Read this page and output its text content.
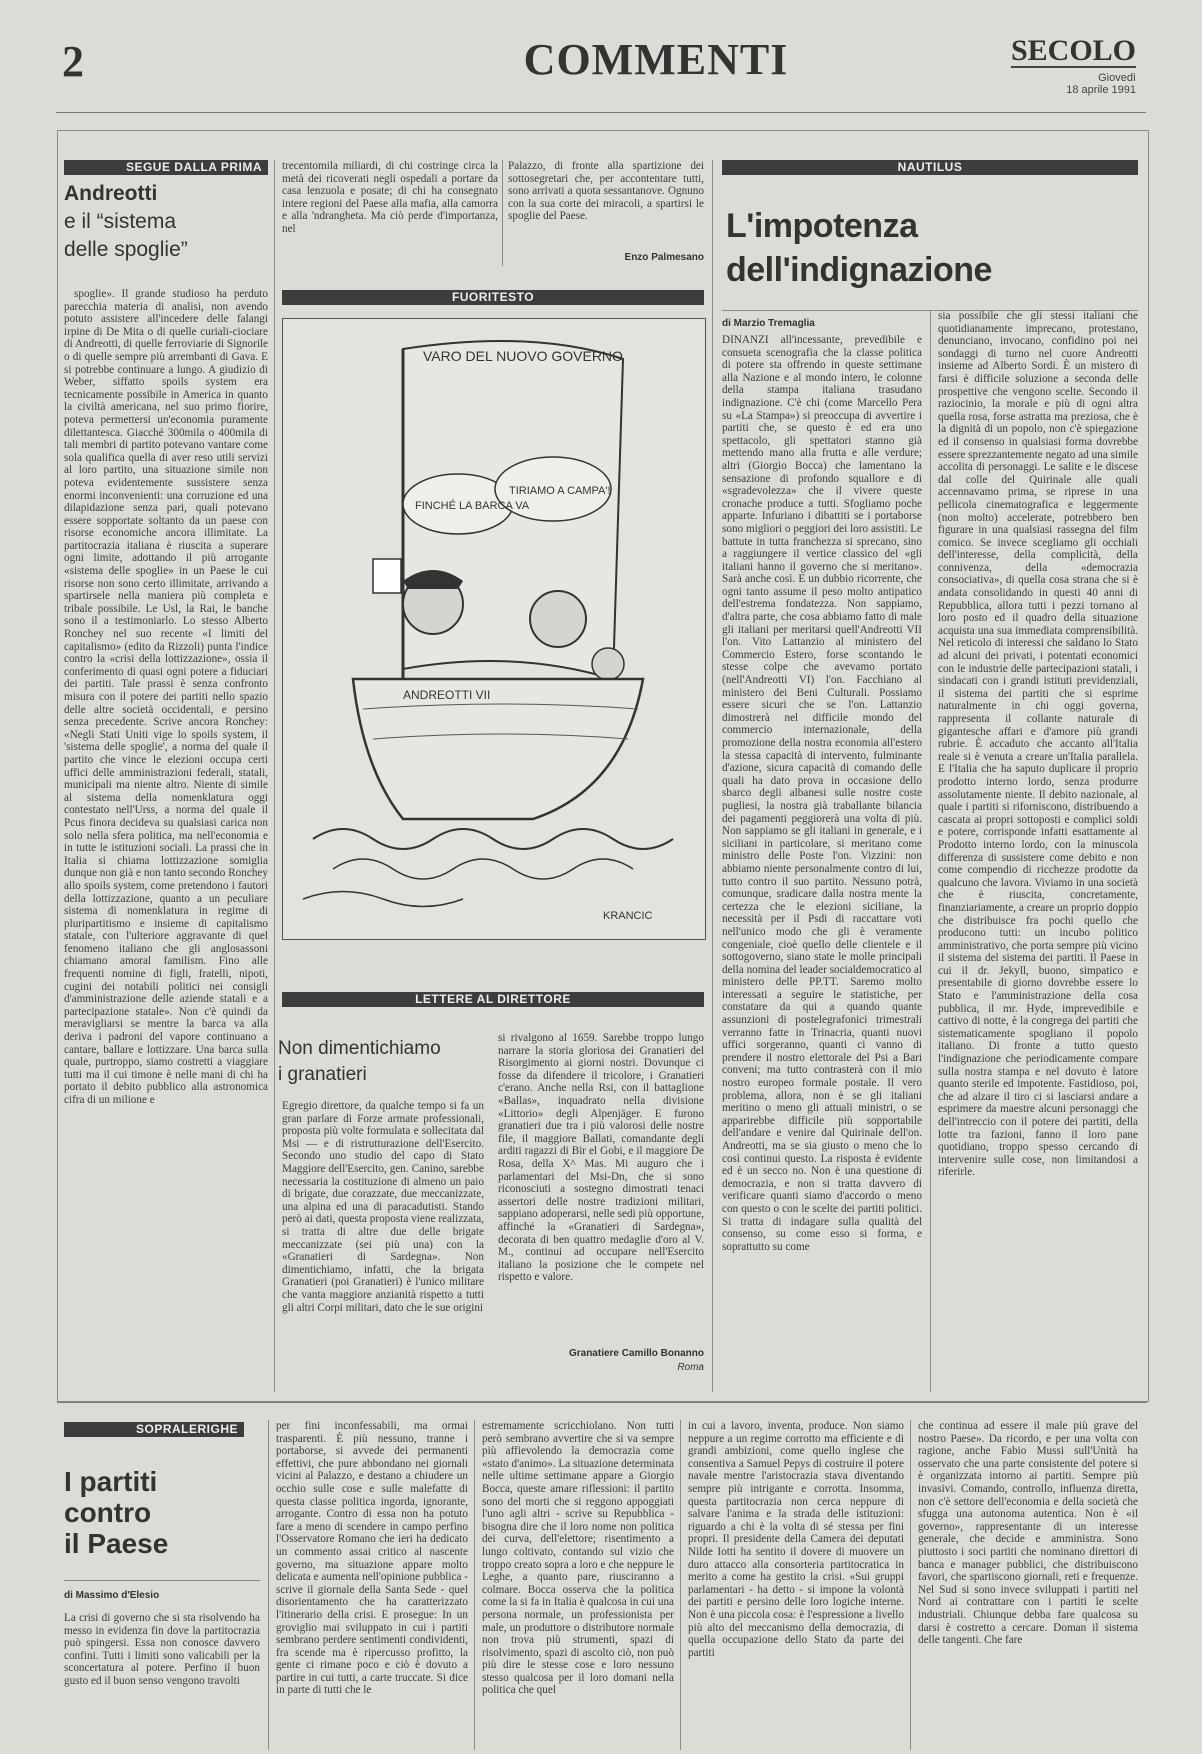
2	COMMENTI	SECOLO
Giovedì
18 aprile 1991
SEGUE DALLA PRIMA
Andreotti
e il “sistema
delle spoglie”

spoglie». Il grande studioso ha perduto parecchia materia di analisi, non avendo potuto assistere all'incedere delle falangi irpine di De Mita o di quelle curiali-ciociare di Andreotti, di quelle ferroviarie di Signorile o di quelle sempre più arrembanti di Gava. E si potrebbe continuare a lungo. A giudizio di Weber, siffatto spoils system era tecnicamente possibile in America in quanto la civiltà americana, nel suo primo fiorire, poteva permettersi un'economia puramente dilettantesca. Giacché 300mila o 400mila di tali membri di partito potevano vantare come sola qualifica quella di aver reso utili servizi al loro partito, una situazione simile non poteva evidentemente sussistere senza enormi inconvenienti: una corruzione ed una dilapidazione senza pari, quali potevano essere sopportate soltanto da un paese con risorse economiche ancora illimitate. La partitocrazia italiana è riuscita a superare ogni limite, adottando il più arrogante «sistema delle spoglie» in un Paese le cui risorse non sono certo illimitate, arrivando a spartirsele nella maniera più completa e tribale possibile. Le Usl, la Rai, le banche sono il a testimoniarlo. Lo stesso Alberto Ronchey nel suo recente «I limiti del capitalismo» (edito da Rizzoli) punta l'indice contro la «crisi della lottizzazione», ossia il conferimento di quasi ogni potere a fiduciari dei partiti. Tale prassi è senza confronto misura con il potere dei partiti nello spazio delle altre società occidentali, e persino senza precedente. Scrive ancora Ronchey: «Negli Stati Uniti vige lo spoils system, il 'sistema delle spoglie', a norma del quale il partito che vince le elezioni occupa certi uffici delle amministrazioni federali, statali, municipali ma niente altro. Niente di simile al sistema della nomenklatura oggi contestato nell'Urss, a norma del quale il Pcus finora decideva su qualsiasi carica non solo nella sfera politica, ma nell'economia e in tutte le istituzioni sociali. La prassi che in Italia si chiama lottizzazione somiglia dunque non già e non tanto secondo Ronchey allo spoils system, come pretendono i fautori della lottizzazione, quanto a un peculiare sistema di nomenklatura in regime di pluripartitismo e insieme di capitalismo statale, con l'ulteriore aggravante di quel fenomeno italiano che gli anglosassoni chiamano amoral familism. Fino alle frequenti nomine di figli, fratelli, nipoti, cugini dei notabili politici nei consigli d'amministrazione delle aziende statali e a partecipazione statale». Non c'è quindi da meravigliarsi se mentre la barca va alla deriva i padroni del vapore continuano a cantare, ballare e lottizzare. Una barca sulla quale, purtroppo, siamo costretti a viaggiare tutti ma il cui timone è nelle mani di chi ha portato il debito pubblico alla astronomica cifra di un milione e

trecentomila miliardi, di chi costringe circa la metà dei ricoverati negli ospedali a portare da casa lenzuola e posate; di chi ha consegnato intere regioni del Paese alla mafia, alla camorra e alla 'ndrangheta. Ma ciò perde d'importanza, nel

Palazzo, di fronte alla spartizione dei sottosegretari che, per accontentare tutti, sono arrivati a quota sessantanove. Ognuno con la sua corte dei miracoli, a spartirsi le spoglie del Paese.

Enzo Palmesano
FUORITESTO
VARO DEL NUOVO GOVERNO
FINCHÉ LA BARCA VA
TIRIAMO A CAMPA'!
ANDREOTTI VII
KRANCIC
LETTERE AL DIRETTORE
Non dimentichiamo
i granatieri

Egregio direttore, da qualche tempo si fa un gran parlare di Forze armate professionali, proposta più volte formulata e sollecitata dal Msi — e di ristrutturazione dell'Esercito. Secondo uno studio del capo di Stato Maggiore dell'Esercito, gen. Canino, sarebbe necessaria la costituzione di almeno un paio di brigate, due corazzate, due meccanizzate, una alpina ed una di paracadutisti. Stando però ai dati, questa proposta viene realizzata, si tratta di altre due delle brigate meccanizzate (sei più una) con la «Granatieri di Sardegna». Non dimentichiamo, infatti, che la brigata Granatieri (poi Granatieri) è l'unico militare che vanta maggiore anzianità rispetto a tutti gli altri Corpi militari, dato che le sue origini

si rivalgono al 1659. Sarebbe troppo lungo narrare la storia gloriosa dei Granatieri del Risorgimento ai giorni nostri. Dovunque ci fosse da difendere il tricolore, i Granatieri c'erano. Anche nella Rsi, con il battaglione «Ballas», inquadrato nella divisione «Littorio» degli Alpenjäger. E furono granatieri due tra i più valorosi delle nostre file, il maggiore Ballati, comandante degli arditi ragazzi di Bir el Gobi, e il maggiore De Rosa, della X^ Mas. Mi auguro che i parlamentari del Msi-Dn, che si sono riconosciuti a sostegno dimostrati tenaci assertori delle nostre tradizioni militari, sappiano adoperarsi, nelle sedi più opportune, affinché la «Granatieri di Sardegna», decorata di ben quattro medaglie d'oro al V. M., continui ad occupare nell'Esercito italiano la posizione che le compete nel rispetto e valore.

Granatiere Camillo Bonanno
Roma
NAUTILUS
L'impotenza
dell'indignazione
di Marzio Tremaglia

DINANZI all'incessante, prevedibile e consueta scenografia che la classe politica di potere sta offrendo in queste settimane alla Nazione e al mondo intero, le colonne della stampa italiana trasudano indignazione. C'è chi (come Marcello Pera su «La Stampa») si preoccupa di avvertire i partiti che, se questo è ed era uno spettacolo, gli spettatori stanno già mettendo mano alla frutta e alle verdure; altri (Giorgio Bocca) che lamentano la sensazione di profondo squallore e di «sgradevolezza» che il vivere queste cronache produce a tutti. Sfogliamo poche apparte. Infuriano i dibattiti se i portaborse sono migliori o peggiori dei loro assistiti. Le battute in tutta franchezza si sprecano, sino a raggiungere il vertice classico del «gli italiani hanno il governo che si meritano». Sarà anche così. E un dubbio ricorrente, che ogni tanto assume il peso molto antipatico dell'estrema fondatezza. Non sappiamo, d'altra parte, che cosa abbiamo fatto di male gli italiani per meritarsi quell'Andreotti VII l'on. Vito Lattanzio al ministero del Commercio Estero, forse scontando le stesse colpe che avevamo portato (nell'Andreotti VI) l'on. Facchiano al ministero dei Beni Culturali. Possiamo essere sicuri che se l'on. Lattanzio dimostrerà nel difficile mondo del commercio internazionale, della promozione della nostra economia all'estero la stessa capacità di intervento, fulminante d'azione, sicura capacità di comando delle quali ha dato prova in occasione dello sbarco degli albanesi sulle nostre coste pugliesi, la nostra già traballante bilancia dei pagamenti peggiorerà una volta di più. Non sappiamo se gli italiani in generale, e i siciliani in particolare, si meritano come ministro delle Poste l'on. Vizzini: non abbiamo niente personalmente contro di lui, tutto contro il suo partito. Nessuno potrà, comunque, sradicare dalla nostra mente la certezza che le elezioni siciliane, la necessità per il Psdi di raccattare voti nell'unico modo che gli è veramente congeniale, cioè quello delle clientele e il sottogoverno, siano state le molle principali della nomina del leader socialdemocratico al ministero delle PP.TT. Saremo molto interessati a seguire le statistiche, per constatare da qui a quando quante assunzioni di postelegrafonici trimestrali verranno fatte in Trinacria, quanti nuovi uffici sorgeranno, quanti ci vanno di prendere il nostro elettorale del Psi a Bari conveni; ma tutto contrasterà con il mio nostro europeo formale postale. Il vero problema, allora, non è se gli italiani meritino o meno gli attuali ministri, o se apparirebbe difficile più sopportabile dell'andare e venire dal Quirinale dell'on. Andreotti, ma se sia giusto o meno che lo così continui questo. La risposta è evidente ed è un secco no. Non è una questione di democrazia, e non si tratta davvero di verificare quanti siamo d'accordo o meno con questo o con le scelte dei partiti politici. Si tratta di indagare sulla qualità del consenso, su come esso si forma, e soprattutto su come

sia possibile che gli stessi italiani che quotidianamente imprecano, protestano, denunciano, invocano, confidino poi nei sondaggi di turno nel cuore Andreotti insieme ad Alberto Sordi. È un mistero di farsi è difficile soluzione a seconda delle prospettive che vengono scelte. Secondo il raziocinio, la morale e più di ogni altra quella rosa, forse astratta ma preziosa, che è la dignità di un popolo, non c'è spiegazione ed il consenso in qualsiasi forma dovrebbe essere sprezzantemente negato ad una simile accolita di personaggi. Le salite e le discese dal colle del Quirinale alle quali accennavamo prima, se riprese in una pellicola cinematografica e leggermente (non molto) accelerate, potrebbero ben figurare in una qualsiasi rassegna del film comico. Se invece scegliamo gli occhiali dell'interesse, della complicità, della connivenza, della «democrazia consociativa», di quella cosa strana che si è andata consolidando in questi 40 anni di Repubblica, allora tutti i pezzi tornano al loro posto ed il quadro della situazione acquista una sua immediata comprensibilità. Nel reticolo di interessi che saldano lo Stato ad alcuni dei privati, i potentati economici con le industrie delle partecipazioni statali, i sindacati con i grandi istituti previdenziali, il sistema dei partiti che si esprime naturalmente in chi oggi governa, rappresenta il collante naturale di gigantesche affari e d'amore più grandi rubrie. È accaduto che accanto all'Italia reale si è venuta a creare un'Italia parallela. E l'Italia che ha saputo duplicare il proprio prodotto interno lordo, senza produrre assolutamente niente. Il debito nazionale, al quale i partiti si riforniscono, distribuendo a cascata ai propri sottoposti e complici soldi e potere, corrisponde infatti esattamente al Prodotto interno lordo, con la minuscola differenza di sussistere come debito e non come compendio di ricchezze prodotte da qualcuno che lavora. Viviamo in una società che è riuscita, concretamente, finanziariamente, a creare un proprio doppio che distribuisce fra pochi quello che producono tutti: un incubo politico amministrativo, che porta sempre più vicino il sistema del sistema dei partiti. Il Paese in cui il dr. Jekyll, buono, simpatico e presentabile di giorno dovrebbe essere lo Stato e l'amministrazione della cosa pubblica, il mr. Hyde, imprevedibile e cattivo di notte, è la congrega dei partiti che sistematicamente spogliano il popolo italiano. Di fronte a tutto questo l'indignazione che periodicamente compare sulla nostra stampa e nel dovuto è latore quanto sterile ed impotente. Fastidioso, poi, che ad alzare il tiro ci si lasciarsi andare a esprimere da maestre alcuni personaggi che dell'intreccio con il potere dei partiti, della lotte tra fazioni, fanno il loro pane quotidiano, troppo spesso cercando di intervenire sulle cose, non limitandosi a riferirle.

SOPRALERIGHE
I partiti
contro
il Paese
di Massimo d'Elesio

La crisi di governo che si sta risolvendo ha messo in evidenza fin dove la partitocrazia può spingersi. Essa non conosce davvero confini. Tutti i limiti sono valicabili per la sconcertatura al potere. Perfino il buon gusto ed il buon senso vengono travolti

per fini inconfessabili, ma ormai trasparenti. È più nessuno, tranne i portaborse, si avvede dei permanenti effettivi, che pure abbondano nei giornali vicini al Palazzo, e destano a chiudere un occhio sulle cose e sulle malefatte di questa classe politica ingorda, ignorante, arrogante. Contro di essa non ha potuto fare a meno di scendere in campo perfino l'Osservatore Romano che ieri ha dedicato un commento assai critico al nascente governo, ma situazione appare molto delicata e aumenta nell'opinione pubblica - scrive il giornale della Santa Sede - quel disorientamento che ha caratterizzato l'itinerario della crisi. E prosegue: In un groviglio mai sviluppato in cui i partiti sembrano perdere sentimenti condividenti, fra scende ma è ripercusso profitto, la gente ci rimane poco e ciò è dovuto a partire in cui tutti, a carte truccate. Si dice in parte di tutti che le

estremamente scricchiolano. Non tutti però sembrano avvertire che si va sempre più affievolendo la democrazia come «stato d'animo». La situazione determinata nelle ultime settimane appare a Giorgio Bocca, queste amare riflessioni: il partito sono del morti che si reggono appoggiati l'uno agli altri - scrive su Repubblica - bisogna dire che il loro nome non politica dei curva, dell'elettore; risentimento a lungo coltivato, contando sul vizio che troppo creato sopra a loro e che neppure le Leghe, a quanto pare, riusciranno a colmare. Bocca osserva che la politica come la si fa in Italia è qualcosa in cui una persona normale, un professionista per male, un produttore o distributore normale non trova più strumenti, spazi di risolvimento, spazi di ascolto ciò, non può più dire le stesse cose e loro nessuno stesso qualcosa per il loro domani nella politica che quel

in cui a lavoro, inventa, produce. Non siamo neppure a un regime corrotto ma efficiente e di grandi ambizioni, come quello inglese che consentiva a Samuel Pepys di costruire il potere navale mentre l'aristocrazia stava diventando sempre più intrigante e corrotta. Insomma, questa partitocrazia non cerca neppure di salvare l'anima e la strada delle istituzioni: riguardo a chi è la volta di sé stessa per fini propri. Il presidente della Camera dei deputati Nilde Iotti ha sentito il dovere di muovere un duro attacco alla consorteria partitocratica in merito a come ha gestito la crisi. «Sui gruppi parlamentari - ha detto - si impone la volontà dei partiti e persino delle loro logiche interne. Non è una piccola cosa: è l'espressione a livello più alto del meccanismo della democrazia, di quella occupazione dello Stato da parte dei partiti

che continua ad essere il male più grave del nostro Paese». Da ricordo, e per una volta con ragione, anche Fabio Mussi sull'Unità ha osservato che una parte consistente del potere si è organizzata intorno ai partiti. Sempre più invasivi. Comando, controllo, influenza diretta, non c'è settore dell'economia e della società che sfugga una autonoma autentica. Non è «il governo», rappresentante di un interesse generale, che decide e amministra. Sono piuttosto i soci partiti che nominano direttori di banca e manager pubblici, che distribuiscono favori, che spartiscono giornali, reti e frequenze. Nel Sud si sono invece sviluppati i partiti nel Nord ai contrattare con i partiti le scelte industriali. Chiunque debba fare qualcosa su darsi è costretto a cercare. Doman il sistema delle tangenti. Che fare
